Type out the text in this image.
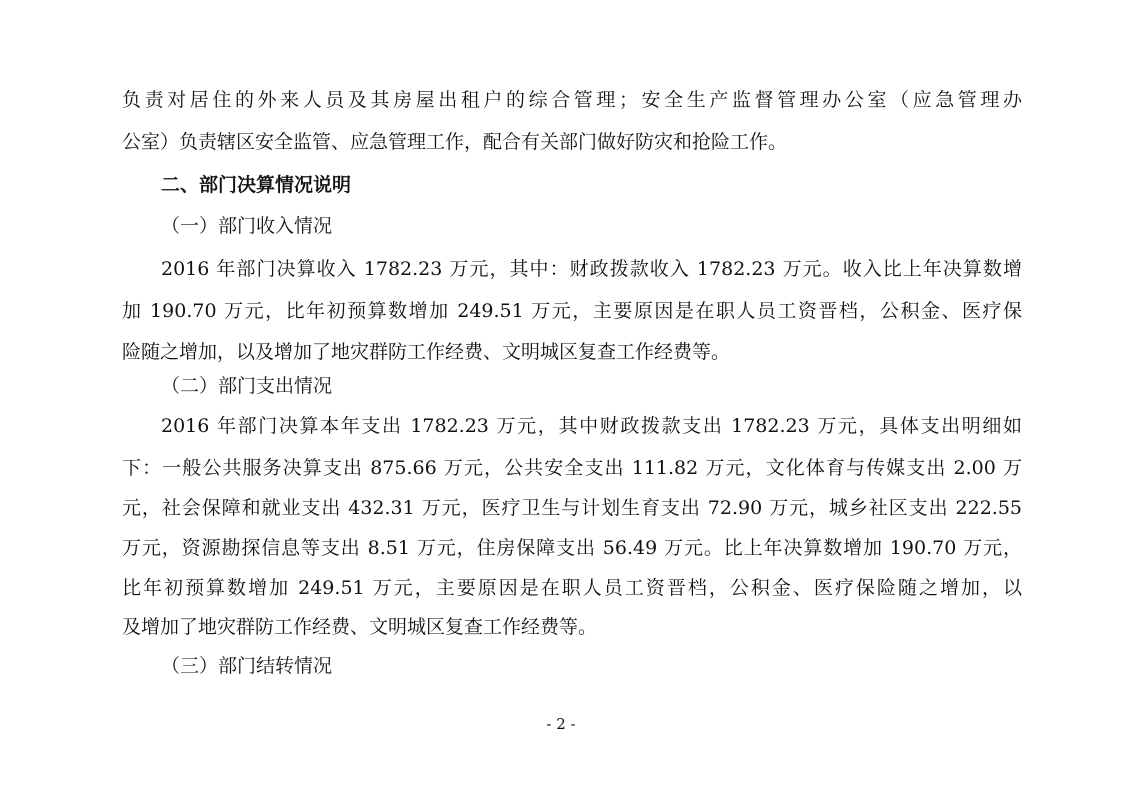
负责对居住的外来人员及其房屋出租户的综合管理；安全生产监督管理办公室（应急管理办
公室）负责辖区安全监管、应急管理工作，配合有关部门做好防灾和抢险工作。
二、部门决算情况说明
（一）部门收入情况
2016 年部门决算收入 1782.23 万元，其中：财政拨款收入 1782.23 万元。收入比上年决算数增
加 190.70 万元，比年初预算数增加 249.51 万元，主要原因是在职人员工资晋档，公积金、医疗保
险随之增加，以及增加了地灾群防工作经费、文明城区复查工作经费等。
（二）部门支出情况
2016 年部门决算本年支出 1782.23 万元，其中财政拨款支出 1782.23 万元，具体支出明细如
下：一般公共服务决算支出 875.66 万元，公共安全支出 111.82 万元，文化体育与传媒支出 2.00 万
元，社会保障和就业支出 432.31 万元，医疗卫生与计划生育支出 72.90 万元，城乡社区支出 222.55
万元，资源勘探信息等支出 8.51 万元，住房保障支出 56.49 万元。比上年决算数增加 190.70 万元，
比年初预算数增加 249.51 万元，主要原因是在职人员工资晋档，公积金、医疗保险随之增加，以
及增加了地灾群防工作经费、文明城区复查工作经费等。
（三）部门结转情况
- 2 -
